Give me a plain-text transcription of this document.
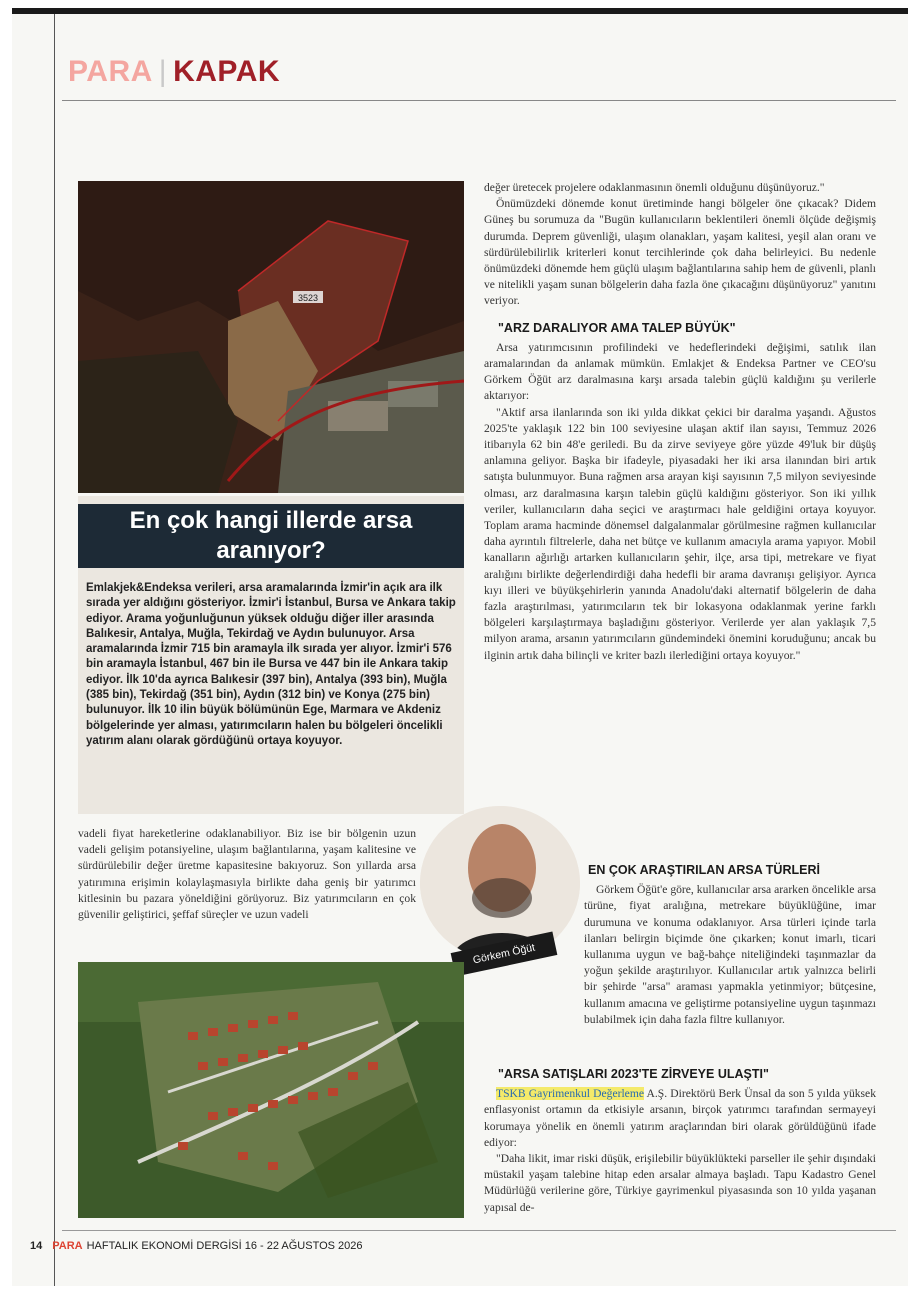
PARA | KAPAK
3523
En çok hangi illerde arsa aranıyor?
Emlakjek&Endeksa verileri, arsa aramalarında İzmir'in açık ara ilk sırada yer aldığını gösteriyor. İzmir'i İstanbul, Bursa ve Ankara takip ediyor. Arama yoğunluğunun yüksek olduğu diğer iller arasında Balıkesir, Antalya, Muğla, Tekirdağ ve Aydın bulunuyor. Arsa aramalarında İzmir 715 bin aramayla ilk sırada yer alıyor. İzmir'i 576 bin aramayla İstanbul, 467 bin ile Bursa ve 447 bin ile Ankara takip ediyor. İlk 10'da ayrıca Balıkesir (397 bin), Antalya (393 bin), Muğla (385 bin), Tekirdağ (351 bin), Aydın (312 bin) ve Konya (275 bin) bulunuyor. İlk 10 ilin büyük bölümünün Ege, Marmara ve Akdeniz bölgelerinde yer alması, yatırımcıların halen bu bölgeleri öncelikli yatırım alanı olarak gördüğünü ortaya koyuyor.

değer üretecek projelere odaklanmasının önemli olduğunu düşünüyoruz."

Önümüzdeki dönemde konut üretiminde hangi bölgeler öne çıkacak? Didem Güneş bu sorumuza da "Bugün kullanıcıların beklentileri önemli ölçüde değişmiş durumda. Deprem güvenliği, ulaşım olanakları, yaşam kalitesi, yeşil alan oranı ve sürdürülebilirlik kriterleri konut tercihlerinde çok daha belirleyici. Bu nedenle önümüzdeki dönemde hem güçlü ulaşım bağlantılarına sahip hem de güvenli, planlı ve nitelikli yaşam sunan bölgelerin daha fazla öne çıkacağını düşünüyoruz" yanıtını veriyor.

"ARZ DARALIYOR AMA TALEP BÜYÜK"

Arsa yatırımcısının profilindeki ve hedeflerindeki değişimi, satılık ilan aramalarından da anlamak mümkün. Emlakjet & Endeksa Partner ve CEO'su Görkem Öğüt arz daralmasına karşı arsada talebin güçlü kaldığını şu verilerle aktarıyor:

"Aktif arsa ilanlarında son iki yılda dikkat çekici bir daralma yaşandı. Ağustos 2025'te yaklaşık 122 bin 100 seviyesine ulaşan aktif ilan sayısı, Temmuz 2026 itibarıyla 62 bin 48'e geriledi. Bu da zirve seviyeye göre yüzde 49'luk bir düşüş anlamına geliyor. Başka bir ifadeyle, piyasadaki her iki arsa ilanından biri artık satışta bulunmuyor. Buna rağmen arsa arayan kişi sayısının 7,5 milyon seviyesinde olması, arz daralmasına karşın talebin güçlü kaldığını gösteriyor. Son iki yıllık veriler, kullanıcıların daha seçici ve araştırmacı hale geldiğini ortaya koyuyor. Toplam arama hacminde dönemsel dalgalanmalar görülmesine rağmen kullanıcılar daha ayrıntılı filtrelerle, daha net bütçe ve kullanım amacıyla arama yapıyor. Mobil kanalların ağırlığı artarken kullanıcıların şehir, ilçe, arsa tipi, metrekare ve fiyat aralığını birlikte değerlendirdiği daha hedefli bir arama davranışı gelişiyor. Ayrıca kıyı illeri ve büyükşehirlerin yanında Anadolu'daki alternatif bölgelerin de daha fazla araştırılması, yatırımcıların tek bir lokasyona odaklanmak yerine farklı bölgeleri karşılaştırmaya başladığını gösteriyor. Verilerde yer alan yaklaşık 7,5 milyon arama, arsanın yatırımcıların gündemindeki önemini koruduğunu; ancak bu ilginin artık daha bilinçli ve kriter bazlı ilerlediğini ortaya koyuyor."

vadeli fiyat hareketlerine odaklanabiliyor. Biz ise bir bölgenin uzun vadeli gelişim potansiyeline, ulaşım bağlantılarına, yaşam kalitesine ve sürdürülebilir değer üretme kapasitesine bakıyoruz. Son yıllarda arsa yatırımına erişimin kolaylaşmasıyla birlikte daha geniş bir yatırımcı kitlesinin bu pazara yöneldiğini görüyoruz. Biz yatırımcıların en çok güvenilir geliştirici, şeffaf süreçler ve uzun vadeli

Görkem Öğüt
EN ÇOK ARAŞTIRILAN ARSA TÜRLERİ

Görkem Öğüt'e göre, kullanıcılar arsa ararken öncelikle arsa türüne, fiyat aralığına, metrekare büyüklüğüne, imar durumuna ve konuma odaklanıyor. Arsa türleri içinde tarla ilanları belirgin biçimde öne çıkarken; konut imarlı, ticari kullanıma uygun ve bağ-bahçe niteliğindeki taşınmazlar da yoğun şekilde araştırılıyor. Kullanıcılar artık yalnızca belirli bir şehirde "arsa" araması yapmakla yetinmiyor; bütçesine, kullanım amacına ve geliştirme potansiyeline uygun taşınmazı bulabilmek için daha fazla filtre kullanıyor.

"ARSA SATIŞLARI 2023'TE ZİRVEYE ULAŞTI"

TSKB Gayrimenkul Değerleme A.Ş. Direktörü Berk Ünsal da son 5 yılda yüksek enflasyonist ortamın da etkisiyle arsanın, birçok yatırımcı tarafından sermayeyi korumaya yönelik en önemli yatırım araçlarından biri olarak görüldüğünü ifade ediyor:

"Daha likit, imar riski düşük, erişilebilir büyüklükteki parseller ile şehir dışındaki müstakil yaşam talebine hitap eden arsalar almaya başladı. Tapu Kadastro Genel Müdürlüğü verilerine göre, Türkiye gayrimenkul piyasasında son 10 yılda yaşanan yapısal de-

14 PARA HAFTALIK EKONOMİ DERGİSİ 16 - 22 AĞUSTOS 2026
